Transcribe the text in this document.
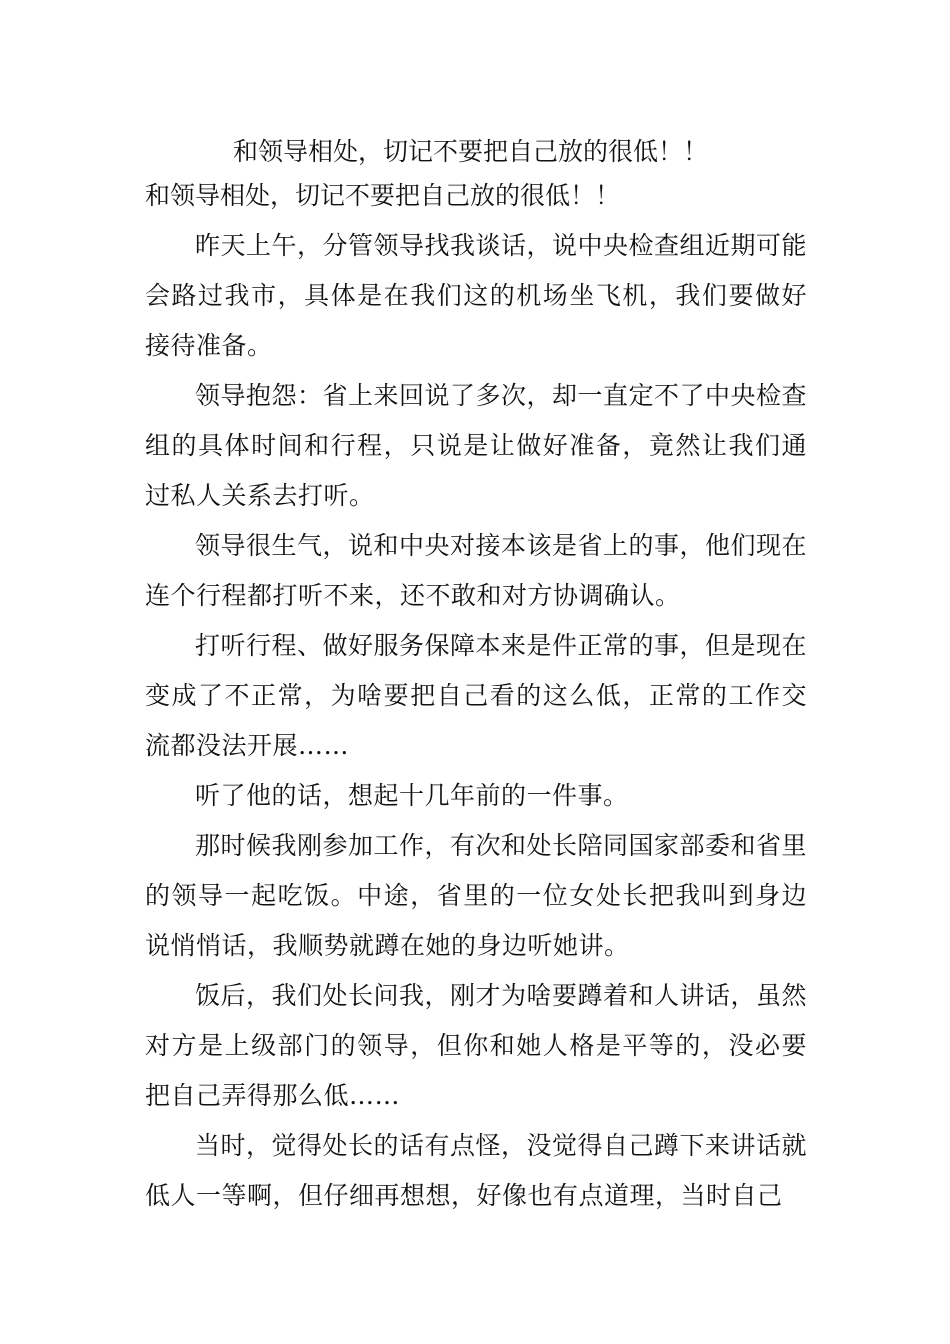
和领导相处，切记不要把自己放的很低！！

和领导相处，切记不要把自己放的很低！！

昨天上午，分管领导找我谈话，说中央检查组近期可能会路过我市，具体是在我们这的机场坐飞机，我们要做好接待准备。

领导抱怨：省上来回说了多次，却一直定不了中央检查组的具体时间和行程，只说是让做好准备，竟然让我们通过私人关系去打听。

领导很生气，说和中央对接本该是省上的事，他们现在连个行程都打听不来，还不敢和对方协调确认。

打听行程、做好服务保障本来是件正常的事，但是现在变成了不正常，为啥要把自己看的这么低，正常的工作交流都没法开展……

听了他的话，想起十几年前的一件事。

那时候我刚参加工作，有次和处长陪同国家部委和省里的领导一起吃饭。中途，省里的一位女处长把我叫到身边说悄悄话，我顺势就蹲在她的身边听她讲。

饭后，我们处长问我，刚才为啥要蹲着和人讲话，虽然对方是上级部门的领导，但你和她人格是平等的，没必要把自己弄得那么低……

当时，觉得处长的话有点怪，没觉得自己蹲下来讲话就低人一等啊，但仔细再想想，好像也有点道理，当时自己
